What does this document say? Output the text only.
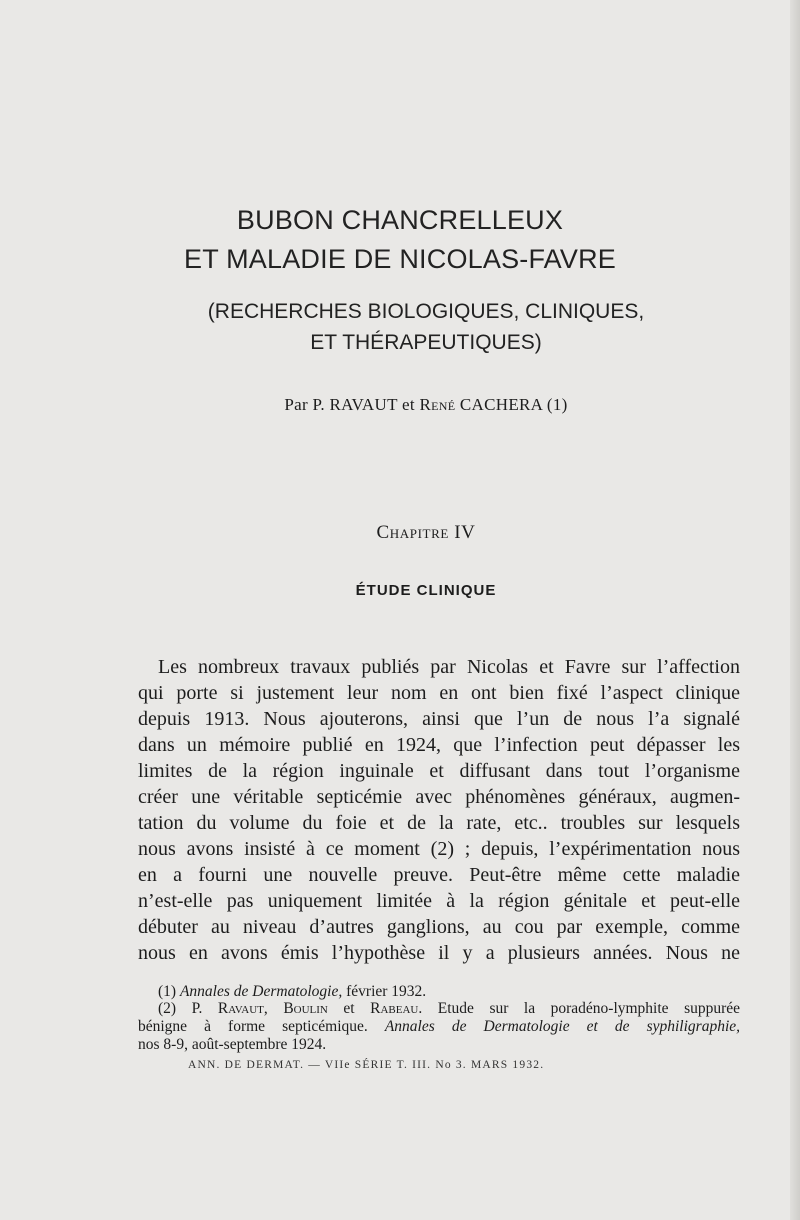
BUBON CHANCRELLEUX
ET MALADIE DE NICOLAS-FAVRE
(RECHERCHES BIOLOGIQUES, CLINIQUES,
ET THÉRAPEUTIQUES)
Par P. RAVAUT et René CACHERA (1)
Chapitre IV
ÉTUDE CLINIQUE
Les nombreux travaux publiés par Nicolas et Favre sur l’affection
qui porte si justement leur nom en ont bien fixé l’aspect clinique
depuis 1913. Nous ajouterons, ainsi que l’un de nous l’a signalé
dans un mémoire publié en 1924, que l’infection peut dépasser les
limites de la région inguinale et diffusant dans tout l’organisme
créer une véritable septicémie avec phénomènes généraux, augmen-
tation du volume du foie et de la rate, etc.. troubles sur lesquels
nous avons insisté à ce moment (2) ; depuis, l’expérimentation nous
en a fourni une nouvelle preuve. Peut-être même cette maladie
n’est-elle pas uniquement limitée à la région génitale et peut-elle
débuter au niveau d’autres ganglions, au cou par exemple, comme
nous en avons émis l’hypothèse il y a plusieurs années. Nous ne
(1) Annales de Dermatologie, février 1932.
(2) P. Ravaut, Boulin et Rabeau. Etude sur la poradéno-lymphite suppurée
bénigne à forme septicémique. Annales de Dermatologie et de syphiligraphie,
nos 8-9, août-septembre 1924.
ANN. DE DERMAT. — VIIe SÉRIE T. III. No 3. MARS 1932.
